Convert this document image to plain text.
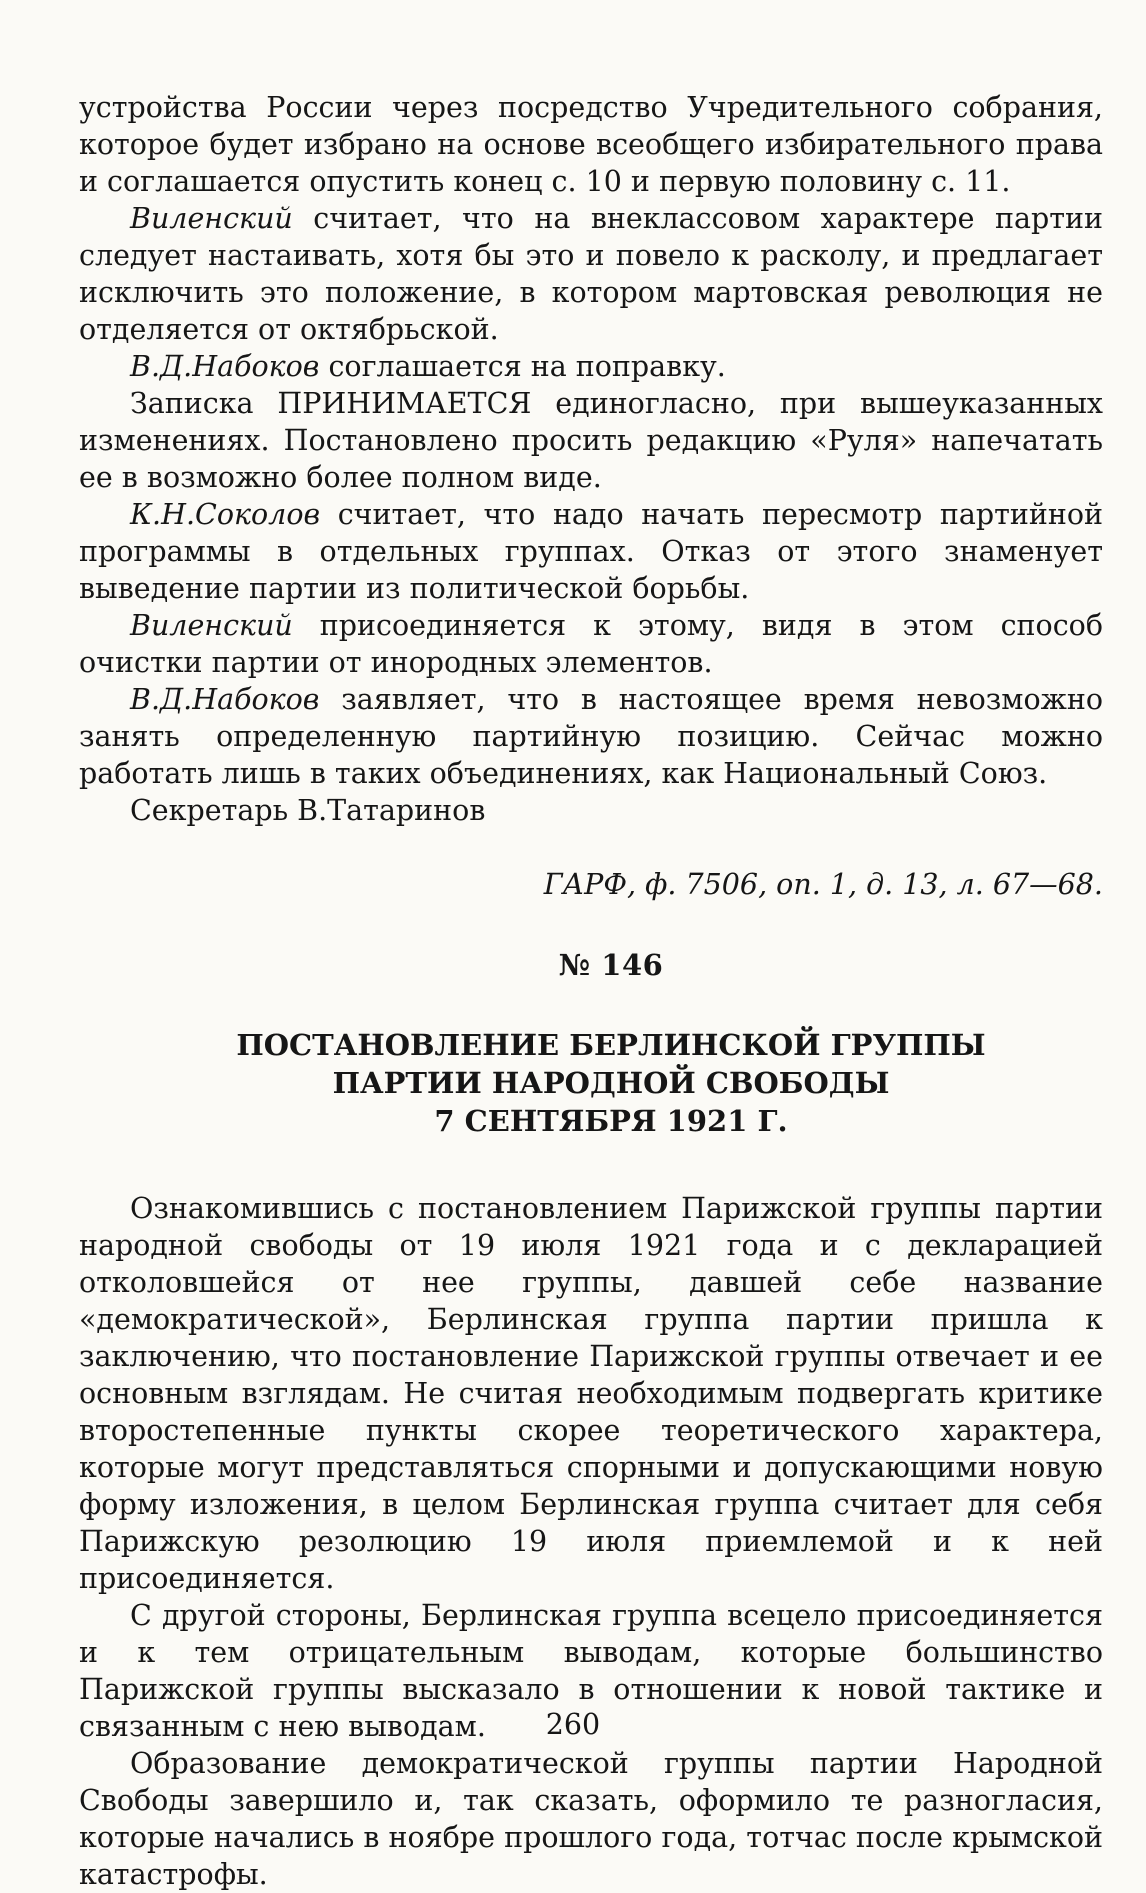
устройства России через посредство Учредительного собрания, которое будет избрано на основе всеобщего избирательного права и соглашается опустить конец с. 10 и первую половину с. 11.

Виленский считает, что на внеклассовом характере партии следует настаивать, хотя бы это и повело к расколу, и предлагает исключить это положение, в котором мартовская революция не отделяется от октябрьской.

В.Д.Набоков соглашается на поправку.

Записка ПРИНИМАЕТСЯ единогласно, при вышеуказанных изменениях. Постановлено просить редакцию «Руля» напечатать ее в возможно более полном виде.

К.Н.Соколов считает, что надо начать пересмотр партийной программы в отдельных группах. Отказ от этого знаменует выведение партии из политической борьбы.

Виленский присоединяется к этому, видя в этом способ очистки партии от инородных элементов.

В.Д.Набоков заявляет, что в настоящее время невозможно занять определенную партийную позицию. Сейчас можно работать лишь в таких объединениях, как Национальный Союз.

Секретарь В.Татаринов

ГАРФ, ф. 7506, оп. 1, д. 13, л. 67—68.

№ 146
ПОСТАНОВЛЕНИЕ БЕРЛИНСКОЙ ГРУППЫ
ПАРТИИ НАРОДНОЙ СВОБОДЫ
7 СЕНТЯБРЯ 1921 Г.

Ознакомившись с постановлением Парижской группы партии народной свободы от 19 июля 1921 года и с декларацией отколовшейся от нее группы, давшей себе название «демократической», Берлинская группа партии пришла к заключению, что постановление Парижской группы отвечает и ее основным взглядам. Не считая необходимым подвергать критике второстепенные пункты скорее теоретического характера, которые могут представляться спорными и допускающими новую форму изложения, в целом Берлинская группа считает для себя Парижскую резолюцию 19 июля приемлемой и к ней присоединяется.

С другой стороны, Берлинская группа всецело присоединяется и к тем отрицательным выводам, которые большинство Парижской группы высказало в отношении к новой тактике и связанным с нею выводам.

Образование демократической группы партии Народной Свободы завершило и, так сказать, оформило те разногласия, которые начались в ноябре прошлого года, тотчас после крымской катастрофы.

260
